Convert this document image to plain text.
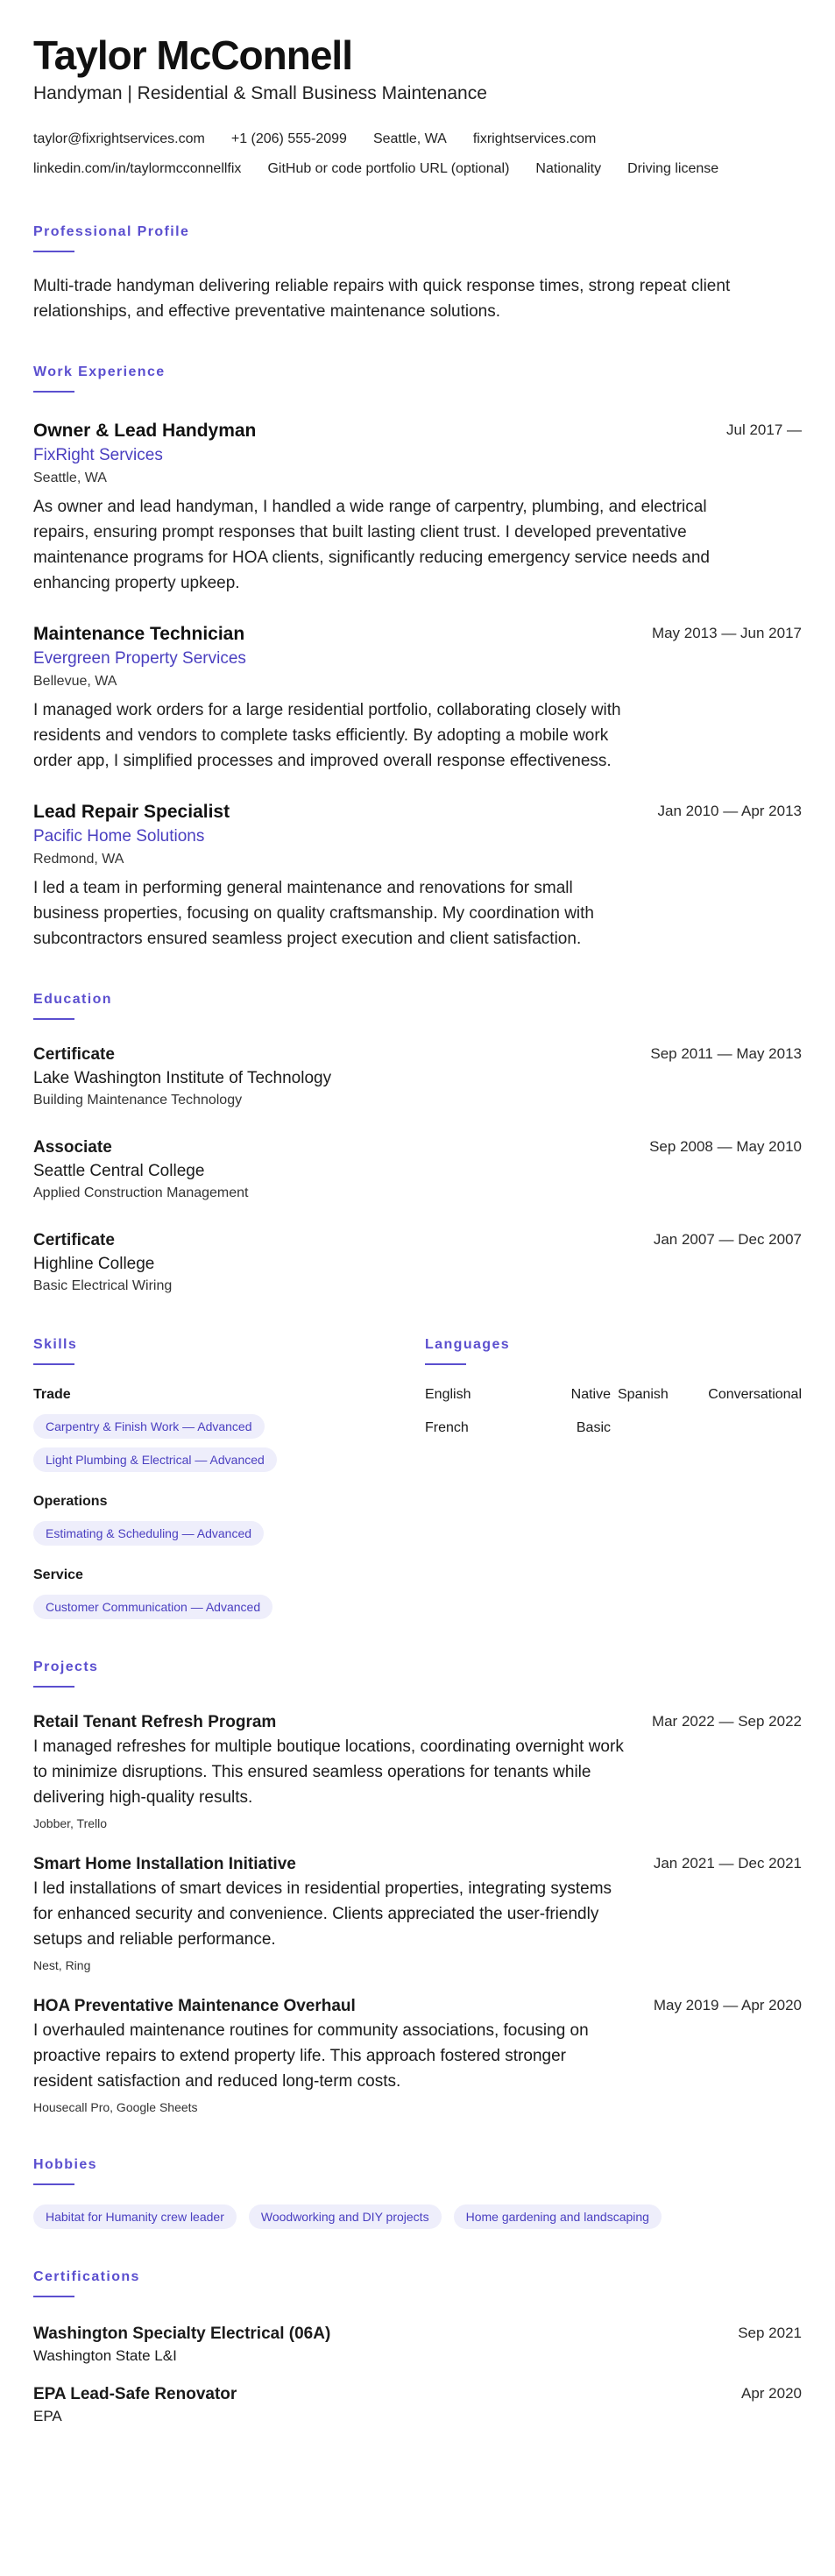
Taylor McConnell
Handyman | Residential & Small Business Maintenance
taylor@fixrightservices.com +1 (206) 555-2099 Seattle, WA fixrightservices.com
linkedin.com/in/taylormcconnellfix GitHub or code portfolio URL (optional) Nationality Driving license
Professional Profile
Multi-trade handyman delivering reliable repairs with quick response times, strong repeat client relationships, and effective preventative maintenance solutions.
Work Experience
Owner & Lead Handyman	Jul 2017 —
FixRight Services
Seattle, WA
As owner and lead handyman, I handled a wide range of carpentry, plumbing, and electrical repairs, ensuring prompt responses that built lasting client trust. I developed preventative maintenance programs for HOA clients, significantly reducing emergency service needs and enhancing property upkeep.
Maintenance Technician	May 2013 — Jun 2017
Evergreen Property Services
Bellevue, WA
I managed work orders for a large residential portfolio, collaborating closely with residents and vendors to complete tasks efficiently. By adopting a mobile work order app, I simplified processes and improved overall response effectiveness.
Lead Repair Specialist	Jan 2010 — Apr 2013
Pacific Home Solutions
Redmond, WA
I led a team in performing general maintenance and renovations for small business properties, focusing on quality craftsmanship. My coordination with subcontractors ensured seamless project execution and client satisfaction.
Education
Certificate	Sep 2011 — May 2013
Lake Washington Institute of Technology
Building Maintenance Technology
Associate	Sep 2008 — May 2010
Seattle Central College
Applied Construction Management
Certificate	Jan 2007 — Dec 2007
Highline College
Basic Electrical Wiring
Skills
Trade
Carpentry & Finish Work — Advanced
Light Plumbing & Electrical — Advanced
Operations
Estimating & Scheduling — Advanced
Service
Customer Communication — Advanced
Languages
English	Native Spanish	Conversational
French	Basic
Projects
Retail Tenant Refresh Program	Mar 2022 — Sep 2022
I managed refreshes for multiple boutique locations, coordinating overnight work to minimize disruptions. This ensured seamless operations for tenants while delivering high-quality results.
Jobber, Trello
Smart Home Installation Initiative	Jan 2021 — Dec 2021
I led installations of smart devices in residential properties, integrating systems for enhanced security and convenience. Clients appreciated the user-friendly setups and reliable performance.
Nest, Ring
HOA Preventative Maintenance Overhaul	May 2019 — Apr 2020
I overhauled maintenance routines for community associations, focusing on proactive repairs to extend property life. This approach fostered stronger resident satisfaction and reduced long-term costs.
Housecall Pro, Google Sheets
Hobbies
Habitat for Humanity crew leader	Woodworking and DIY projects	Home gardening and landscaping
Certifications
Washington Specialty Electrical (06A)	Sep 2021
Washington State L&I
EPA Lead-Safe Renovator	Apr 2020
EPA
